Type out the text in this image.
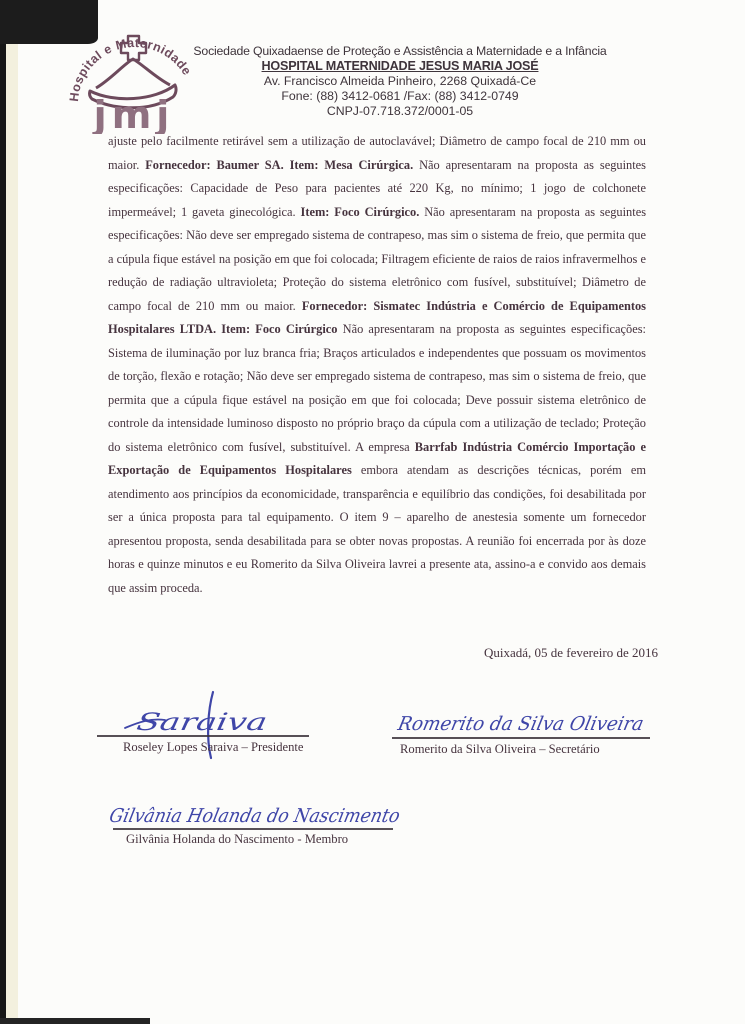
Hospital e Maternidade
jmj
Sociedade Quixadaense de Proteção e Assistência a Maternidade e a Infância
HOSPITAL MATERNIDADE JESUS MARIA JOSÉ
Av. Francisco Almeida Pinheiro, 2268 Quixadá-Ce
Fone: (88) 3412-0681 /Fax: (88) 3412-0749
CNPJ-07.718.372/0001-05
ajuste pelo facilmente retirável sem a utilização de autoclavável; Diâmetro de campo focal de 210 mm ou maior. Fornecedor: Baumer SA. Item: Mesa Cirúrgica. Não apresentaram na proposta as seguintes especificações: Capacidade de Peso para pacientes até 220 Kg, no mínimo; 1 jogo de colchonete impermeável; 1 gaveta ginecológica. Item: Foco Cirúrgico. Não apresentaram na proposta as seguintes especificações: Não deve ser empregado sistema de contrapeso, mas sim o sistema de freio, que permita que a cúpula fique estável na posição em que foi colocada; Filtragem eficiente de raios de raios infravermelhos e redução de radiação ultravioleta; Proteção do sistema eletrônico com fusível, substituível; Diâmetro de campo focal de 210 mm ou maior. Fornecedor: Sismatec Indústria e Comércio de Equipamentos Hospitalares LTDA. Item: Foco Cirúrgico Não apresentaram na proposta as seguintes especificações: Sistema de iluminação por luz branca fria; Braços articulados e independentes que possuam os movimentos de torção, flexão e rotação; Não deve ser empregado sistema de contrapeso, mas sim o sistema de freio, que permita que a cúpula fique estável na posição em que foi colocada; Deve possuir sistema eletrônico de controle da intensidade luminoso disposto no próprio braço da cúpula com a utilização de teclado; Proteção do sistema eletrônico com fusível, substituível. A empresa Barrfab Indústria Comércio Importação e Exportação de Equipamentos Hospitalares embora atendam as descrições técnicas, porém em atendimento aos princípios da economicidade, transparência e equilíbrio das condições, foi desabilitada por ser a única proposta para tal equipamento. O item 9 – aparelho de anestesia somente um fornecedor apresentou proposta, senda desabilitada para se obter novas propostas. A reunião foi encerrada por às doze horas e quinze minutos e eu Romerito da Silva Oliveira lavrei a presente ata, assino-a e convido aos demais que assim proceda.
Quixadá, 05 de fevereiro de 2016
Saraiva
Roseley Lopes Saraiva – Presidente
Romerito da Silva Oliveira
Romerito da Silva Oliveira – Secretário
Gilvânia Holanda do Nascimento
Gilvânia Holanda do Nascimento - Membro
